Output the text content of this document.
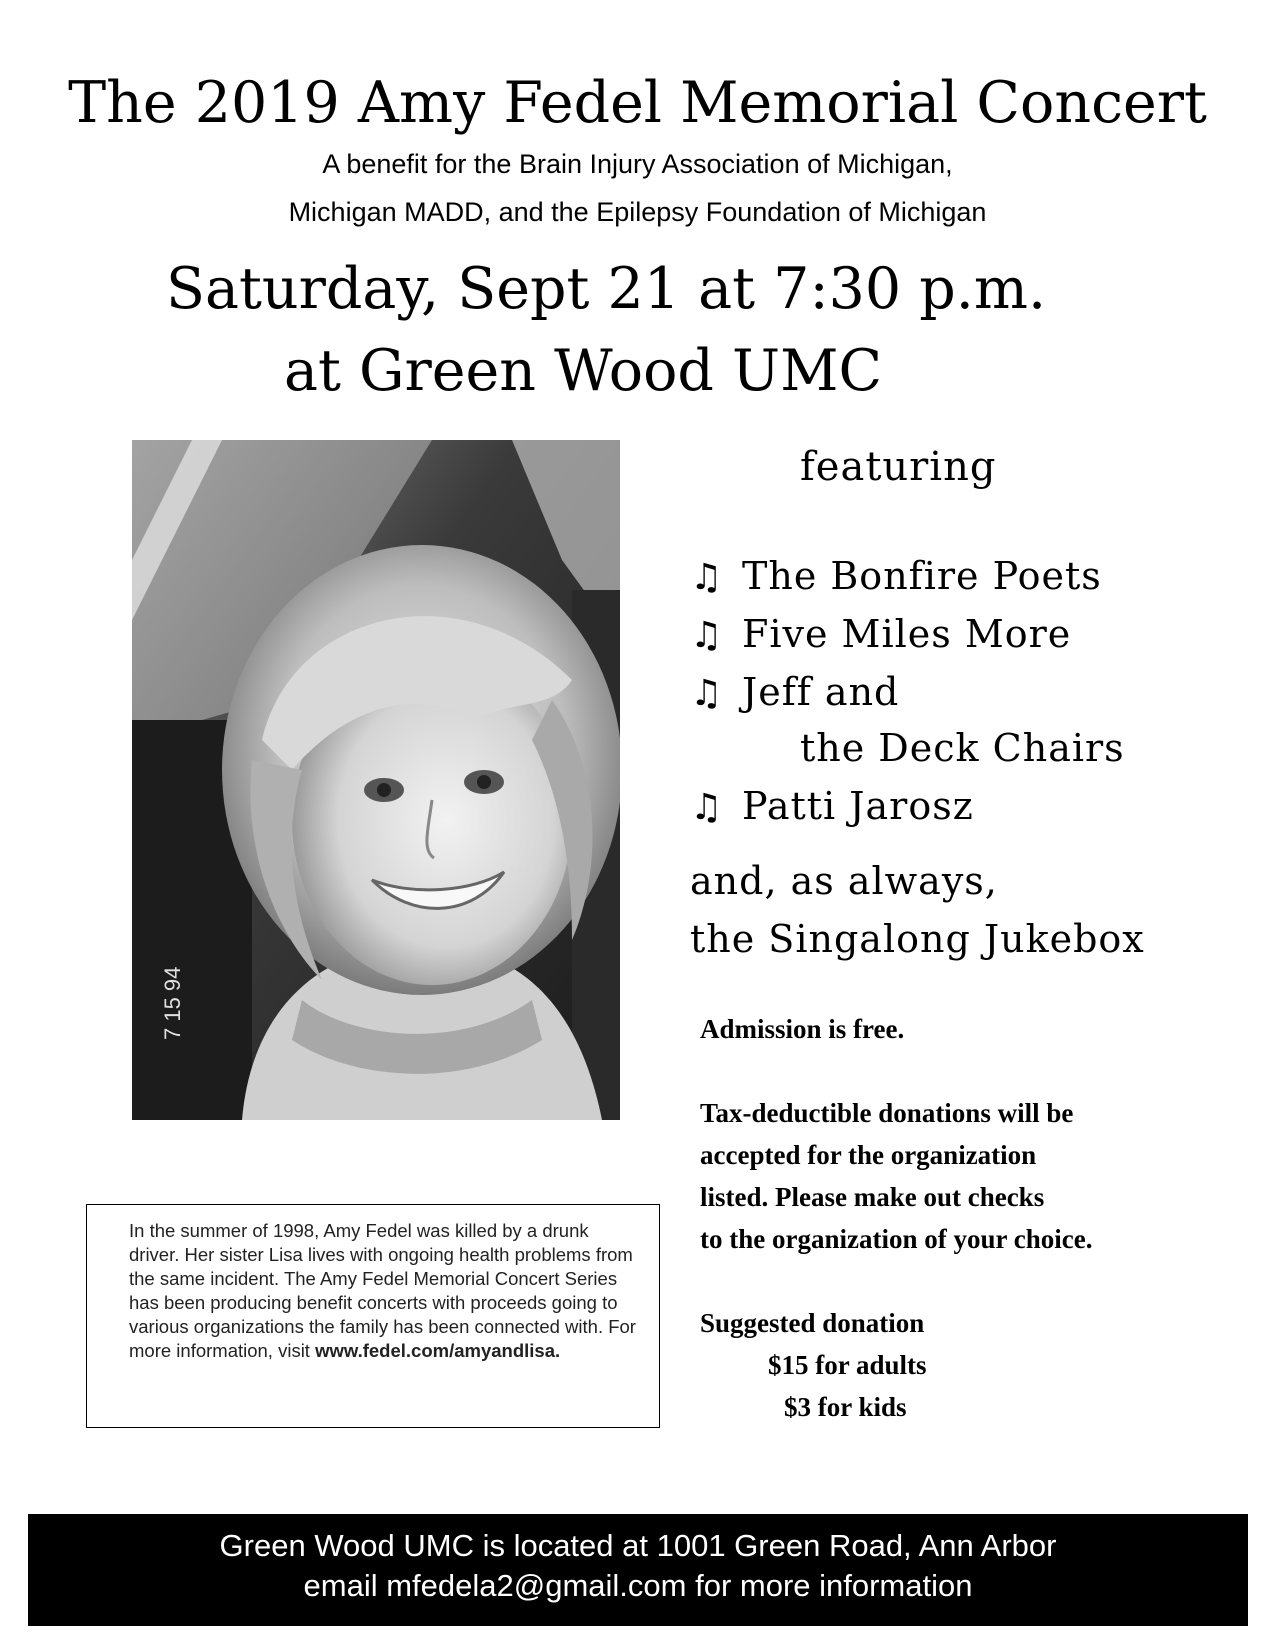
The 2019 Amy Fedel Memorial Concert
A benefit for the Brain Injury Association of Michigan,
Michigan MADD, and the Epilepsy Foundation of Michigan
Saturday, Sept 21 at 7:30 p.m.
at Green Wood UMC
7 15 94
featuring
♫ The Bonfire Poets
♫ Five Miles More
♫ Jeff and
the Deck Chairs
♫ Patti Jarosz
and, as always,
the Singalong Jukebox
Admission is free.
Tax-deductible donations will be
accepted for the organization
listed. Please make out checks
to the organization of your choice.
Suggested donation
$15 for adults
$3 for kids
In the summer of 1998, Amy Fedel was killed by a drunk driver. Her sister Lisa lives with ongoing health problems from the same incident. The Amy Fedel Memorial Concert Series has been producing benefit concerts with proceeds going to various organizations the family has been connected with. For more information, visit www.fedel.com/amyandlisa.
Green Wood UMC is located at 1001 Green Road, Ann Arbor
email mfedela2@gmail.com for more information
